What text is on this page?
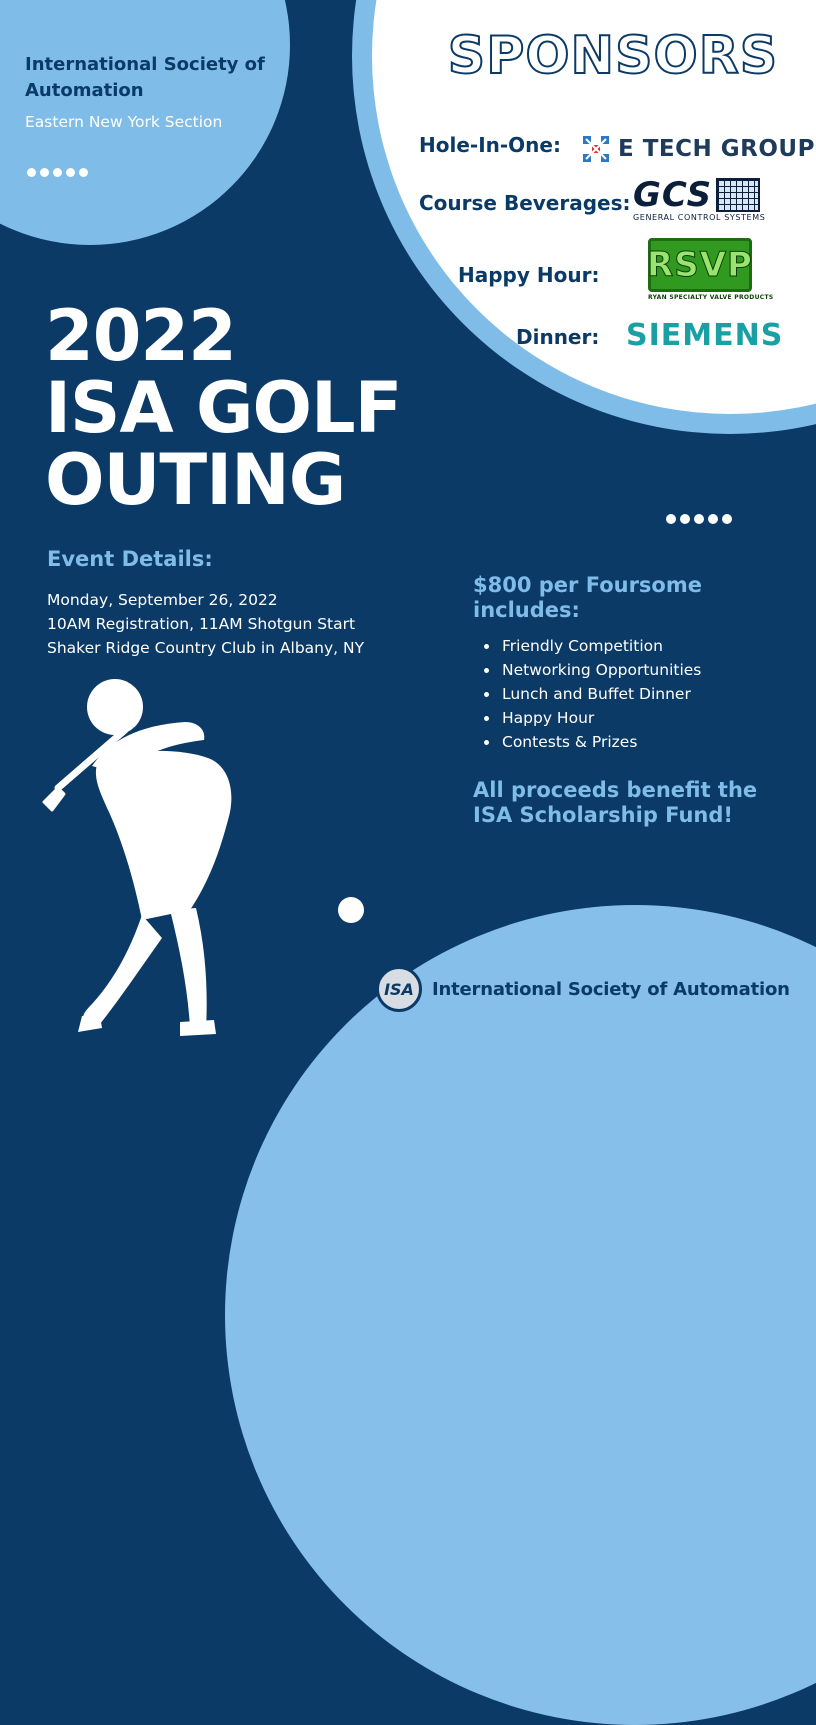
International Society of Automation
Eastern New York Section
SPONSORS
Hole-In-One: E TECH GROUP
Course Beverages: GCS
GENERAL CONTROL SYSTEMS
Happy Hour: RSVP
RYAN SPECIALTY VALVE PRODUCTS
Dinner: SIEMENS
2022
ISA GOLF
OUTING
Event Details:
Monday, September 26, 2022
10AM Registration, 11AM Shotgun Start
Shaker Ridge Country Club in Albany, NY
$800 per Foursome includes:
Friendly Competition
Networking Opportunities
Lunch and Buffet Dinner
Happy Hour
Contests & Prizes
All proceeds benefit the ISA Scholarship Fund!
ISA International Society of Automation
